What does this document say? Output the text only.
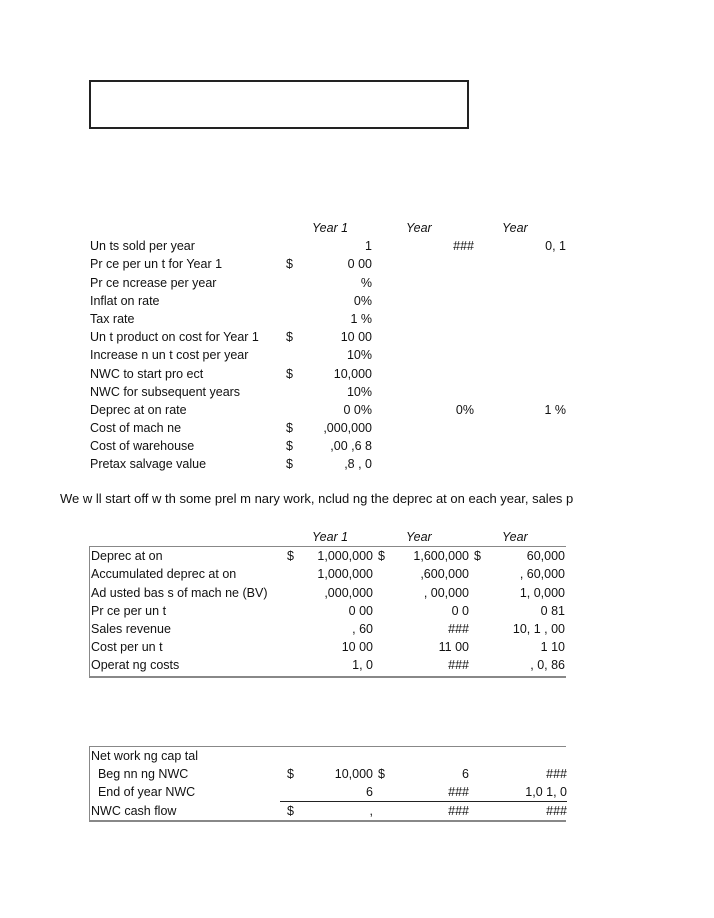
Year 1	Year	Year
Un ts sold per year	1	###	0, 1
Pr ce per un t for Year 1	$	0 00
Pr ce ncrease per year	%
Inflat on rate	0%
Tax rate	1 %
Un t product on cost for Year 1 $	10 00
Increase n un t cost per year	10%
NWC to start pro ect	$	10,000
NWC for subsequent years	10%
Deprec at on rate	0 0%	0%	1 %
Cost of mach ne	$	,000,000
Cost of warehouse	$	,00 ,6 8
Pretax salvage value	$	,8 , 0
We w ll start off w th some prel m nary work, nclud ng the deprec at on each year, sales p
Year 1	Year	Year
Deprec at on	$	1,000,000 $	1,600,000 $	60,000
Accumulated deprec at on	1,000,000	,600,000	, 60,000
Ad usted bas s of mach ne (BV)	,000,000	, 00,000	1, 0,000
Pr ce per un t	0 00	0 0	0 81
Sales revenue	, 60	###	10, 1 , 00
Cost per un t	10 00	11 00	1 10
Operat ng costs	1, 0	###	, 0, 86
Net work ng cap tal
Beg nn ng NWC	$	10,000 $	6	###
End of year NWC	6	###	1,0 1, 0
NWC cash flow	$	,	###	###
